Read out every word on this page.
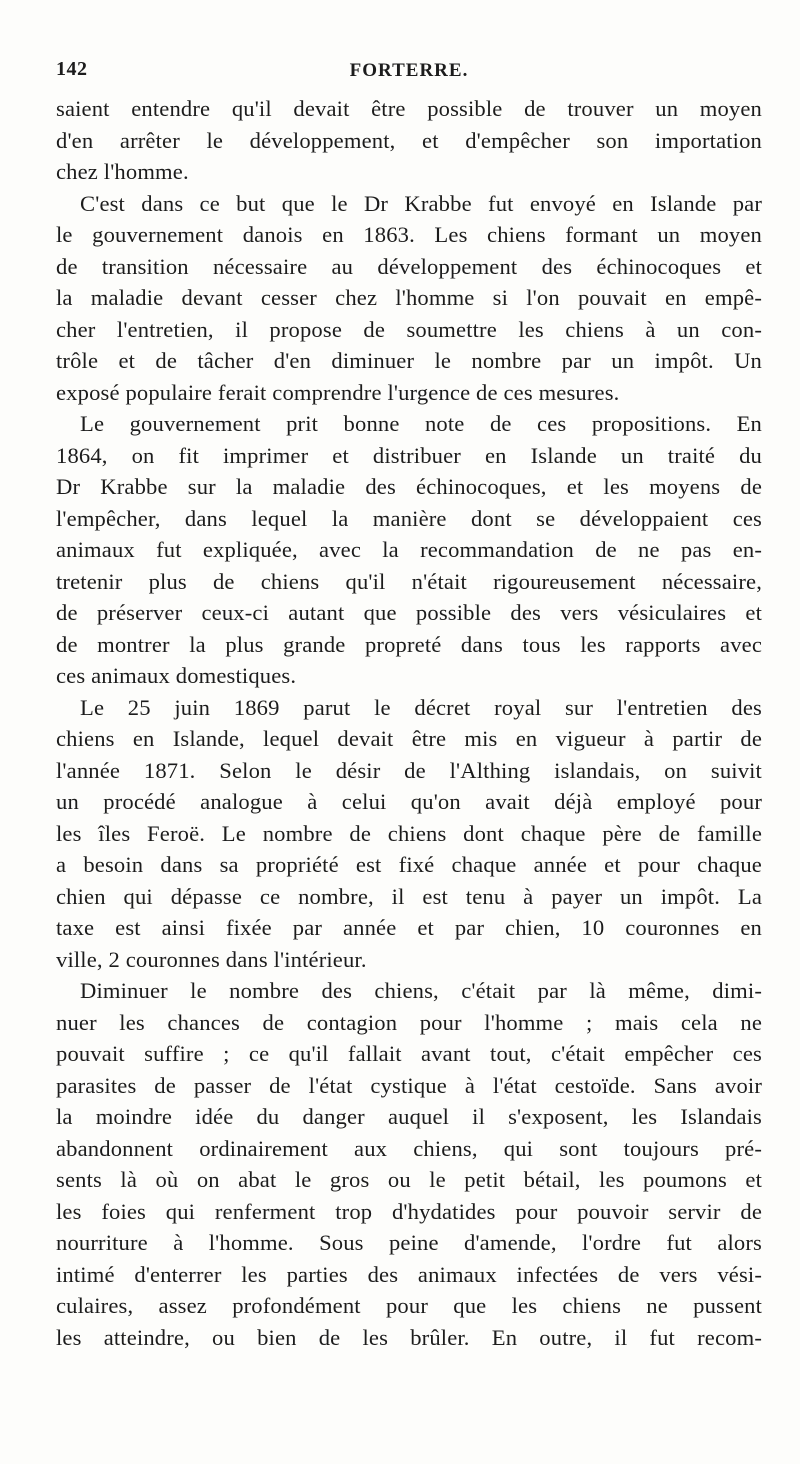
142	FORTERRE.
saient entendre qu'il devait être possible de trouver un moyen
d'en arrêter le développement, et d'empêcher son importation
chez l'homme.
C'est dans ce but que le Dr Krabbe fut envoyé en Islande par
le gouvernement danois en 1863. Les chiens formant un moyen
de transition nécessaire au développement des échinocoques et
la maladie devant cesser chez l'homme si l'on pouvait en empê-
cher l'entretien, il propose de soumettre les chiens à un con-
trôle et de tâcher d'en diminuer le nombre par un impôt. Un
exposé populaire ferait comprendre l'urgence de ces mesures.
Le gouvernement prit bonne note de ces propositions. En
1864, on fit imprimer et distribuer en Islande un traité du
Dr Krabbe sur la maladie des échinocoques, et les moyens de
l'empêcher, dans lequel la manière dont se développaient ces
animaux fut expliquée, avec la recommandation de ne pas en-
tretenir plus de chiens qu'il n'était rigoureusement nécessaire,
de préserver ceux-ci autant que possible des vers vésiculaires et
de montrer la plus grande propreté dans tous les rapports avec
ces animaux domestiques.
Le 25 juin 1869 parut le décret royal sur l'entretien des
chiens en Islande, lequel devait être mis en vigueur à partir de
l'année 1871. Selon le désir de l'Althing islandais, on suivit
un procédé analogue à celui qu'on avait déjà employé pour
les îles Feroë. Le nombre de chiens dont chaque père de famille
a besoin dans sa propriété est fixé chaque année et pour chaque
chien qui dépasse ce nombre, il est tenu à payer un impôt. La
taxe est ainsi fixée par année et par chien, 10 couronnes en
ville, 2 couronnes dans l'intérieur.
Diminuer le nombre des chiens, c'était par là même, dimi-
nuer les chances de contagion pour l'homme ; mais cela ne
pouvait suffire ; ce qu'il fallait avant tout, c'était empêcher ces
parasites de passer de l'état cystique à l'état cestoïde. Sans avoir
la moindre idée du danger auquel il s'exposent, les Islandais
abandonnent ordinairement aux chiens, qui sont toujours pré-
sents là où on abat le gros ou le petit bétail, les poumons et
les foies qui renferment trop d'hydatides pour pouvoir servir de
nourriture à l'homme. Sous peine d'amende, l'ordre fut alors
intimé d'enterrer les parties des animaux infectées de vers vési-
culaires, assez profondément pour que les chiens ne pussent
les atteindre, ou bien de les brûler. En outre, il fut recom-
